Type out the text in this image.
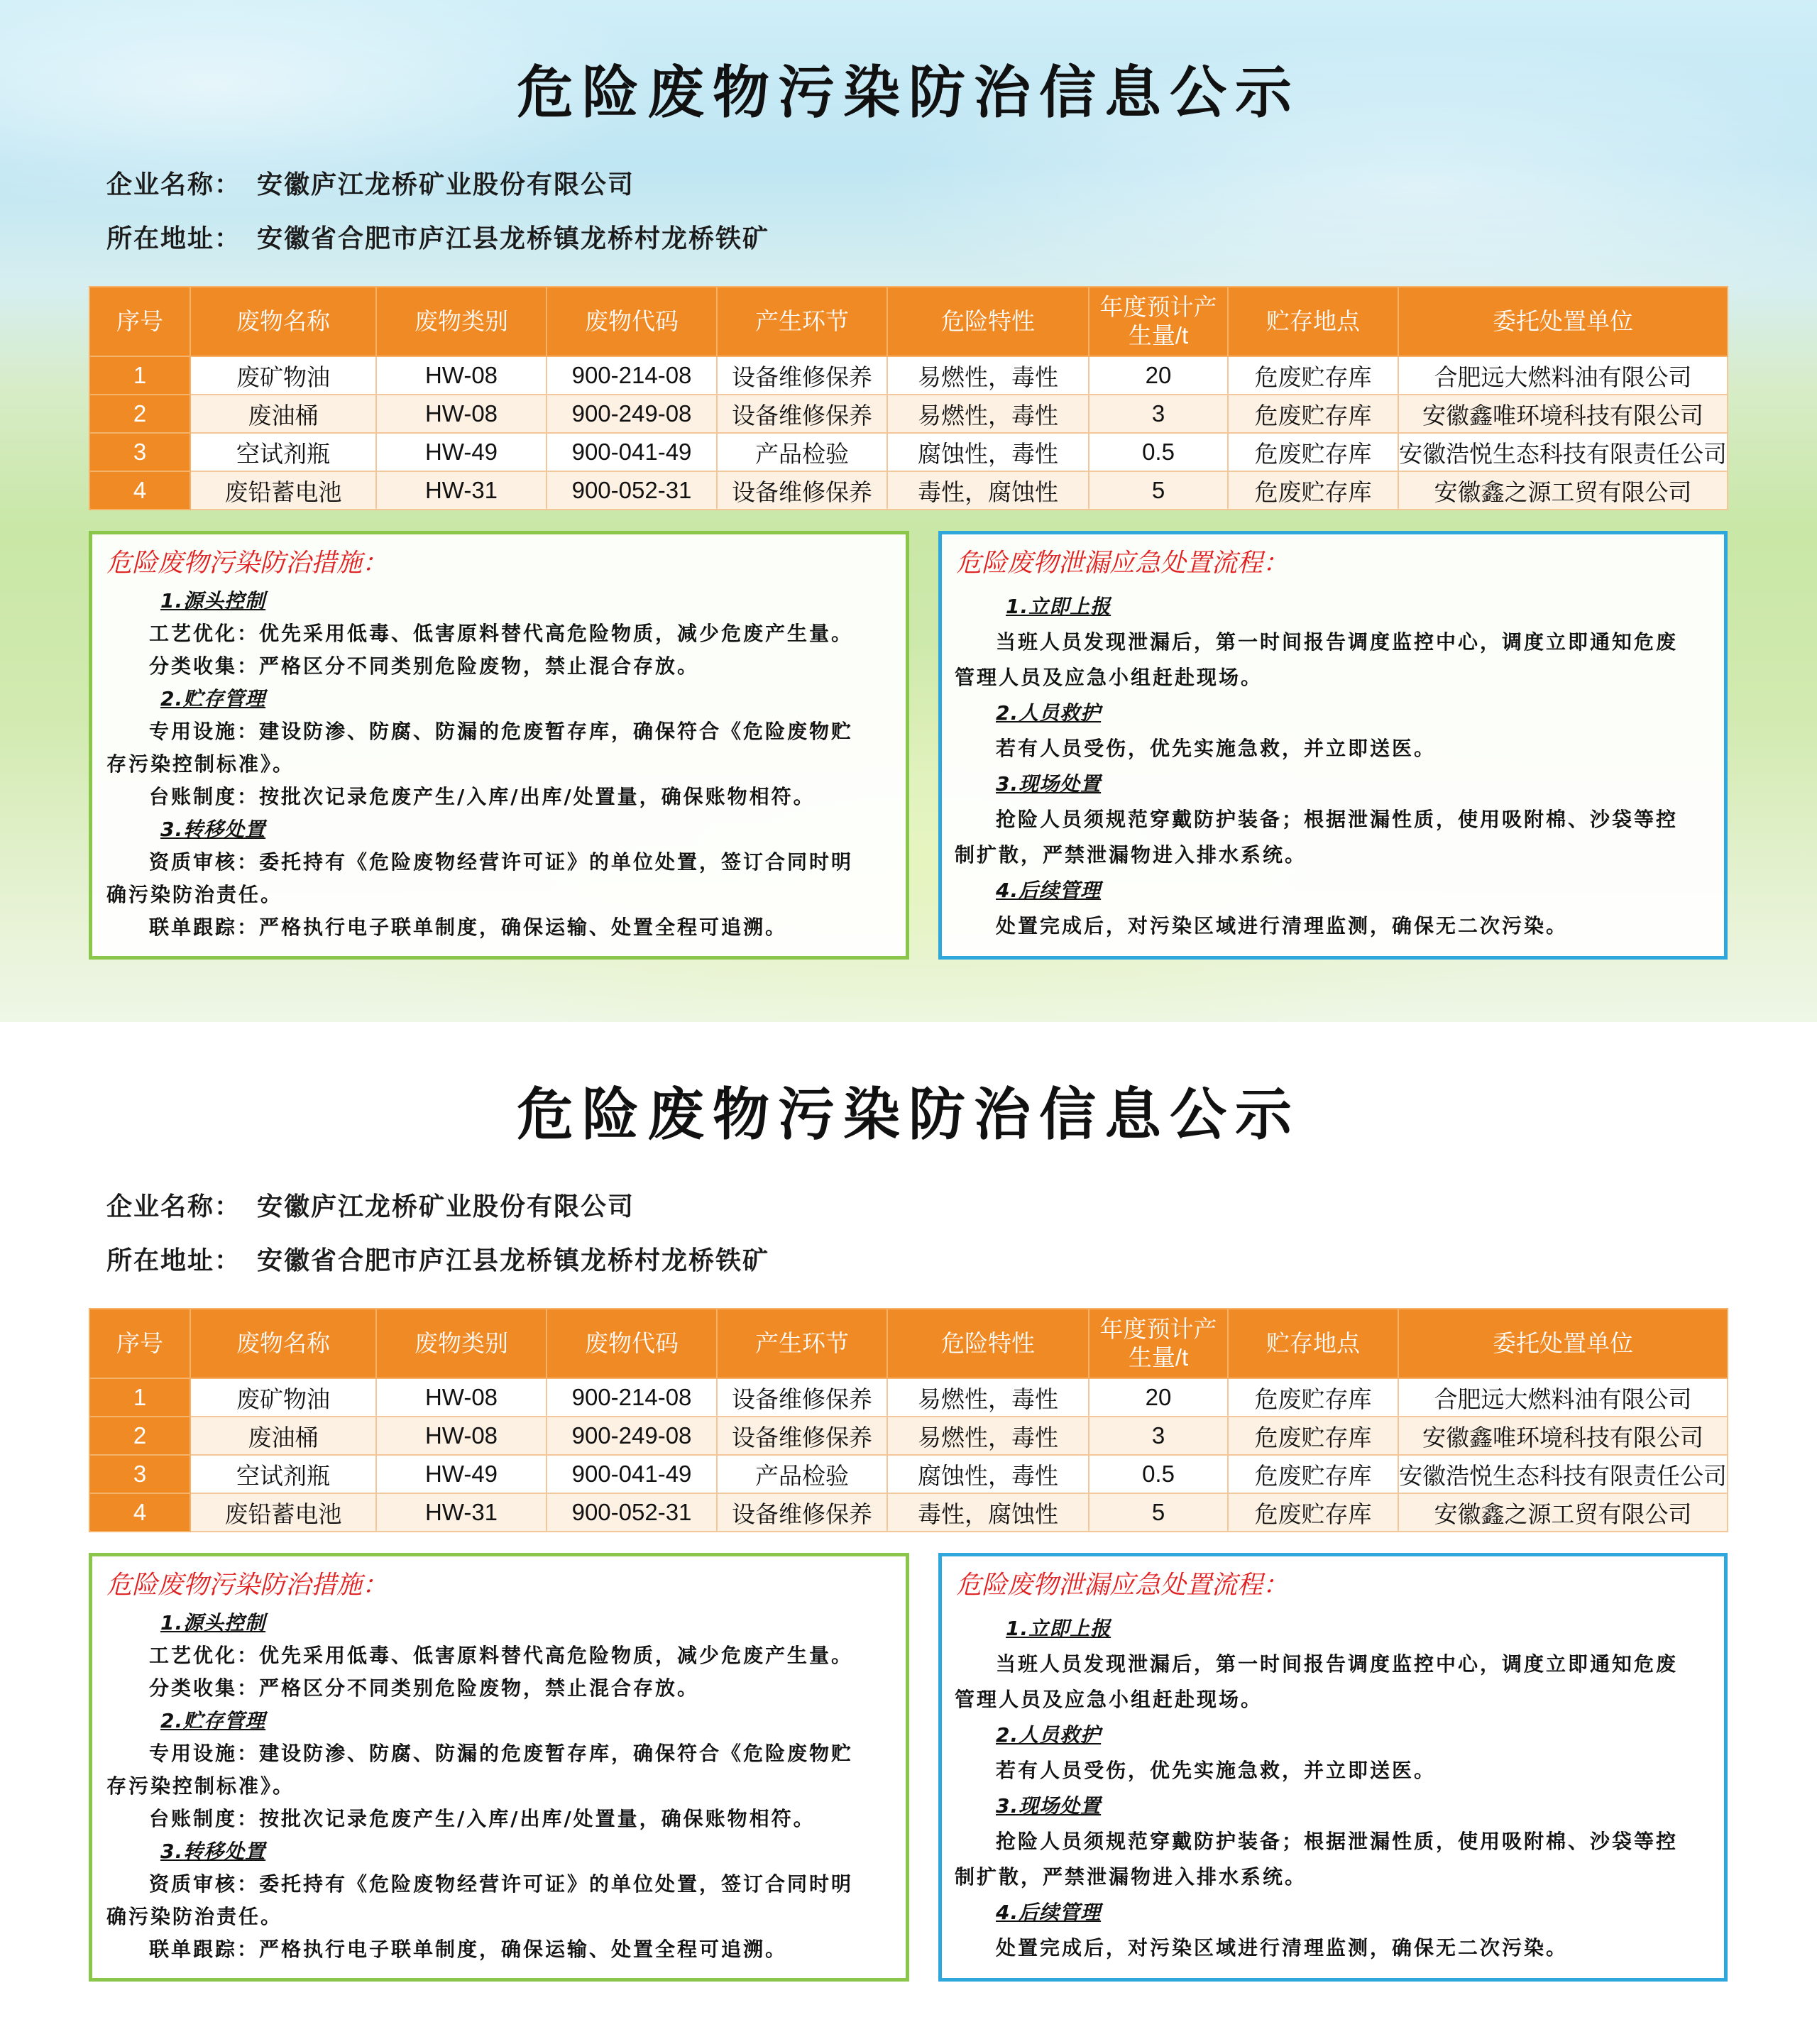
危险废物污染防治信息公示
企业名称： 安徽庐江龙桥矿业股份有限公司
所在地址： 安徽省合肥市庐江县龙桥镇龙桥村龙桥铁矿
序号	废物名称	废物类别	废物代码	产生环节	危险特性	年度预计产生量/t	贮存地点	委托处置单位
1	废矿物油	HW-08	900-214-08	设备维修保养	易燃性，毒性	20	危废贮存库	合肥远大燃料油有限公司
2	废油桶	HW-08	900-249-08	设备维修保养	易燃性，毒性	3	危废贮存库	安徽鑫唯环境科技有限公司
3	空试剂瓶	HW-49	900-041-49	产品检验	腐蚀性，毒性	0.5	危废贮存库	安徽浩悦生态科技有限责任公司
4	废铅蓄电池	HW-31	900-052-31	设备维修保养	毒性，腐蚀性	5	危废贮存库	安徽鑫之源工贸有限公司
危险废物污染防治措施：
1.源头控制
工艺优化：优先采用低毒、低害原料替代高危险物质，减少危废产生量。
分类收集：严格区分不同类别危险废物，禁止混合存放。
2.贮存管理
专用设施：建设防渗、防腐、防漏的危废暂存库，确保符合《危险废物贮
存污染控制标准》。
台账制度：按批次记录危废产生/入库/出库/处置量，确保账物相符。
3.转移处置
资质审核：委托持有《危险废物经营许可证》的单位处置，签订合同时明
确污染防治责任。
联单跟踪：严格执行电子联单制度，确保运输、处置全程可追溯。
危险废物泄漏应急处置流程：
1.立即上报
当班人员发现泄漏后，第一时间报告调度监控中心，调度立即通知危废
管理人员及应急小组赶赴现场。
2.人员救护
若有人员受伤，优先实施急救，并立即送医。
3.现场处置
抢险人员须规范穿戴防护装备；根据泄漏性质，使用吸附棉、沙袋等控
制扩散，严禁泄漏物进入排水系统。
4.后续管理
处置完成后，对污染区域进行清理监测，确保无二次污染。
危险废物污染防治信息公示
企业名称： 安徽庐江龙桥矿业股份有限公司
所在地址： 安徽省合肥市庐江县龙桥镇龙桥村龙桥铁矿
序号	废物名称	废物类别	废物代码	产生环节	危险特性	年度预计产生量/t	贮存地点	委托处置单位
1	废矿物油	HW-08	900-214-08	设备维修保养	易燃性，毒性	20	危废贮存库	合肥远大燃料油有限公司
2	废油桶	HW-08	900-249-08	设备维修保养	易燃性，毒性	3	危废贮存库	安徽鑫唯环境科技有限公司
3	空试剂瓶	HW-49	900-041-49	产品检验	腐蚀性，毒性	0.5	危废贮存库	安徽浩悦生态科技有限责任公司
4	废铅蓄电池	HW-31	900-052-31	设备维修保养	毒性，腐蚀性	5	危废贮存库	安徽鑫之源工贸有限公司
危险废物污染防治措施：
1.源头控制
工艺优化：优先采用低毒、低害原料替代高危险物质，减少危废产生量。
分类收集：严格区分不同类别危险废物，禁止混合存放。
2.贮存管理
专用设施：建设防渗、防腐、防漏的危废暂存库，确保符合《危险废物贮
存污染控制标准》。
台账制度：按批次记录危废产生/入库/出库/处置量，确保账物相符。
3.转移处置
资质审核：委托持有《危险废物经营许可证》的单位处置，签订合同时明
确污染防治责任。
联单跟踪：严格执行电子联单制度，确保运输、处置全程可追溯。
危险废物泄漏应急处置流程：
1.立即上报
当班人员发现泄漏后，第一时间报告调度监控中心，调度立即通知危废
管理人员及应急小组赶赴现场。
2.人员救护
若有人员受伤，优先实施急救，并立即送医。
3.现场处置
抢险人员须规范穿戴防护装备；根据泄漏性质，使用吸附棉、沙袋等控
制扩散，严禁泄漏物进入排水系统。
4.后续管理
处置完成后，对污染区域进行清理监测，确保无二次污染。
